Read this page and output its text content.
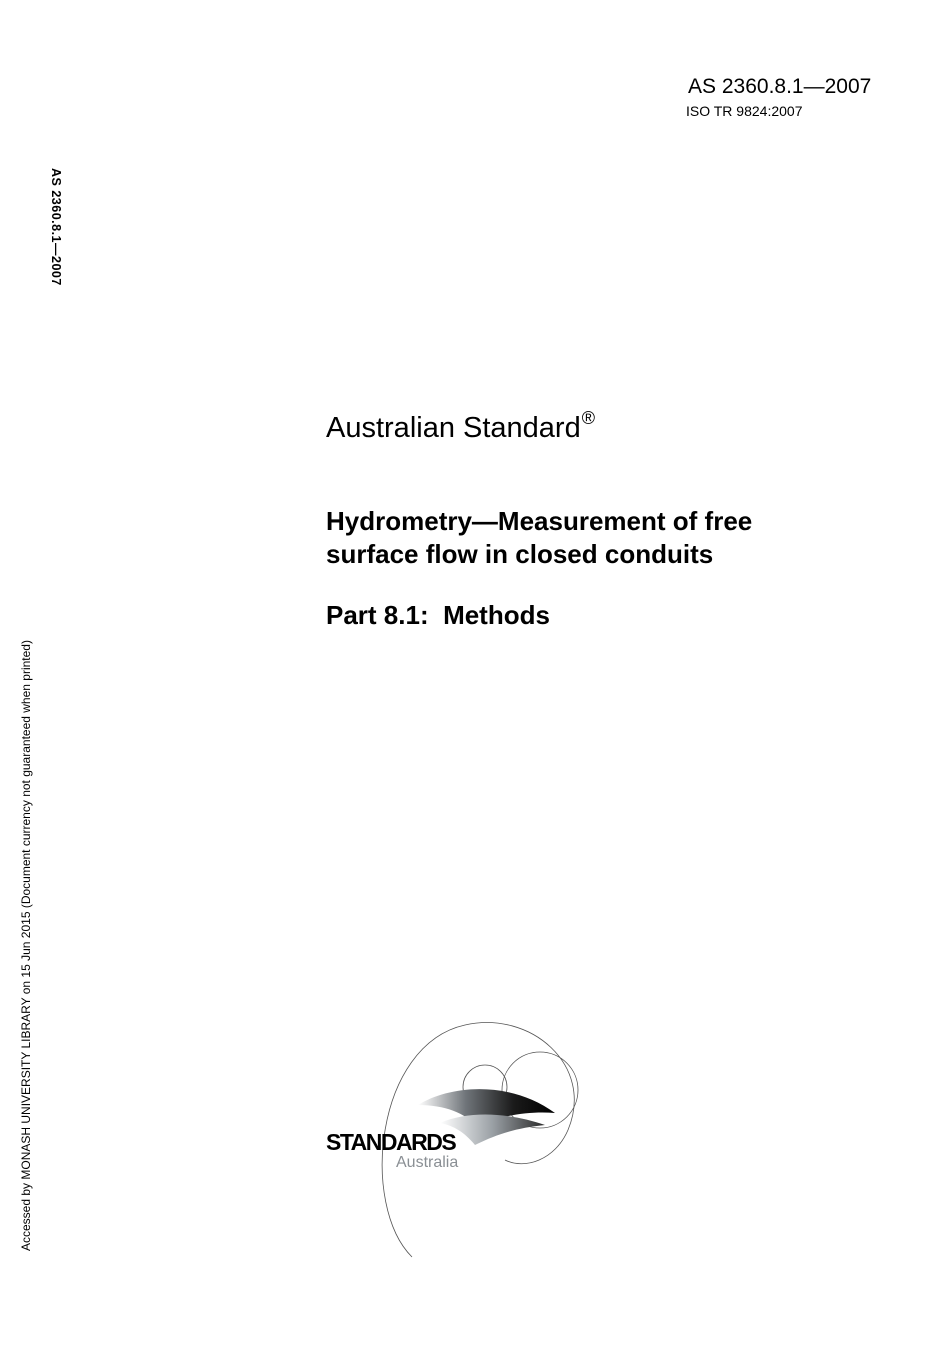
AS 2360.8.1—2007
ISO TR 9824:2007
AS 2360.8.1—2007
Accessed by MONASH UNIVERSITY LIBRARY on 15 Jun 2015 (Document currency not guaranteed when printed)
Australian Standard®
Hydrometry—Measurement of free
surface flow in closed conduits
Part 8.1: Methods
STANDARDS
Australia
